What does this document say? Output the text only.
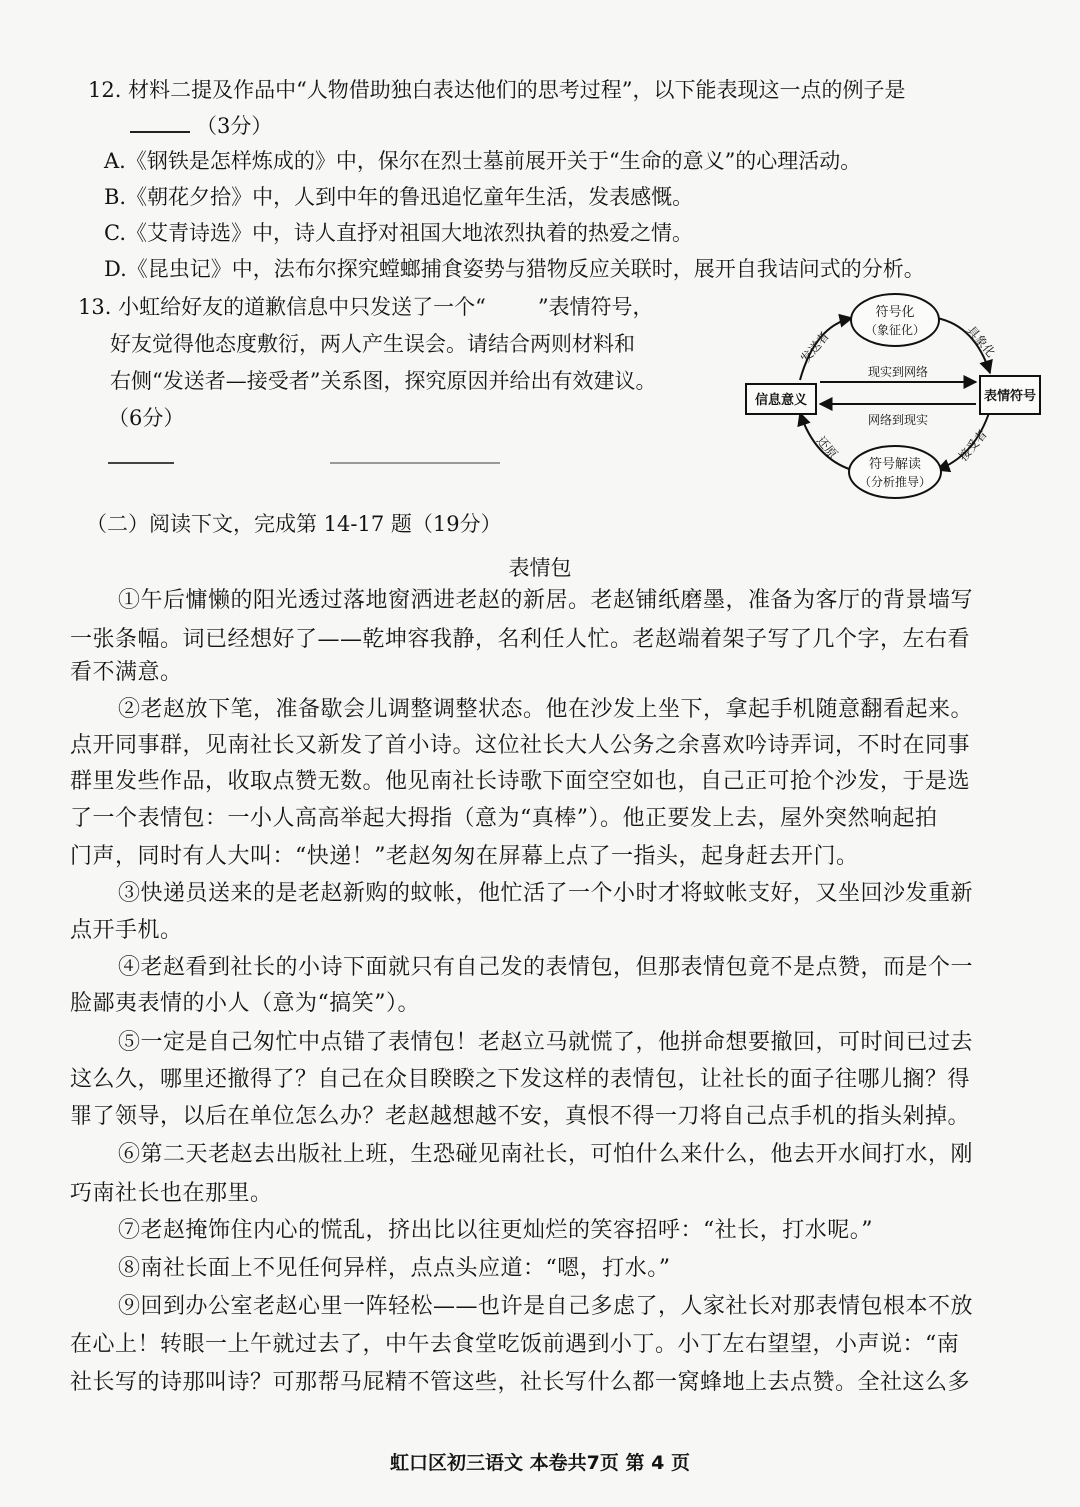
12. 材料二提及作品中“人物借助独白表达他们的思考过程”，以下能表现这一点的例子是
（3分）
A.《钢铁是怎样炼成的》中，保尔在烈士墓前展开关于“生命的意义”的心理活动。
B.《朝花夕拾》中，人到中年的鲁迅追忆童年生活，发表感慨。
C.《艾青诗选》中，诗人直抒对祖国大地浓烈执着的热爱之情。
D.《昆虫记》中，法布尔探究螳螂捕食姿势与猎物反应关联时，展开自我诘问式的分析。
13. 小虹给好友的道歉信息中只发送了一个“ ”表情符号，
好友觉得他态度敷衍，两人产生误会。请结合两则材料和
右侧“发送者—接受者”关系图，探究原因并给出有效建议。
（6分）
符号化
（象征化）
信息意义	表情符号
符号解读
（分析推导）
发送者	具象化
还原	接受者
现实到网络
网络到现实
（二）阅读下文，完成第 14-17 题（19分）
表情包
①午后慵懒的阳光透过落地窗洒进老赵的新居。老赵铺纸磨墨，准备为客厅的背景墙写
一张条幅。词已经想好了——乾坤容我静，名利任人忙。老赵端着架子写了几个字，左右看
看不满意。
②老赵放下笔，准备歇会儿调整调整状态。他在沙发上坐下，拿起手机随意翻看起来。
点开同事群，见南社长又新发了首小诗。这位社长大人公务之余喜欢吟诗弄词，不时在同事
群里发些作品，收取点赞无数。他见南社长诗歌下面空空如也，自己正可抢个沙发，于是选
了一个表情包：一小人高高举起大拇指（意为“真棒”）。他正要发上去，屋外突然响起拍
门声，同时有人大叫：“快递！”老赵匆匆在屏幕上点了一指头，起身赶去开门。
③快递员送来的是老赵新购的蚊帐，他忙活了一个小时才将蚊帐支好，又坐回沙发重新
点开手机。
④老赵看到社长的小诗下面就只有自己发的表情包，但那表情包竟不是点赞，而是个一
脸鄙夷表情的小人（意为“搞笑”）。
⑤一定是自己匆忙中点错了表情包！老赵立马就慌了，他拼命想要撤回，可时间已过去
这么久，哪里还撤得了？自己在众目睽睽之下发这样的表情包，让社长的面子往哪儿搁？得
罪了领导，以后在单位怎么办？老赵越想越不安，真恨不得一刀将自己点手机的指头剁掉。
⑥第二天老赵去出版社上班，生恐碰见南社长，可怕什么来什么，他去开水间打水，刚
巧南社长也在那里。
⑦老赵掩饰住内心的慌乱，挤出比以往更灿烂的笑容招呼：“社长，打水呢。”
⑧南社长面上不见任何异样，点点头应道：“嗯，打水。”
⑨回到办公室老赵心里一阵轻松——也许是自己多虑了，人家社长对那表情包根本不放
在心上！转眼一上午就过去了，中午去食堂吃饭前遇到小丁。小丁左右望望，小声说：“南
社长写的诗那叫诗？可那帮马屁精不管这些，社长写什么都一窝蜂地上去点赞。全社这么多
虹口区初三语文 本卷共7页 第 4 页
